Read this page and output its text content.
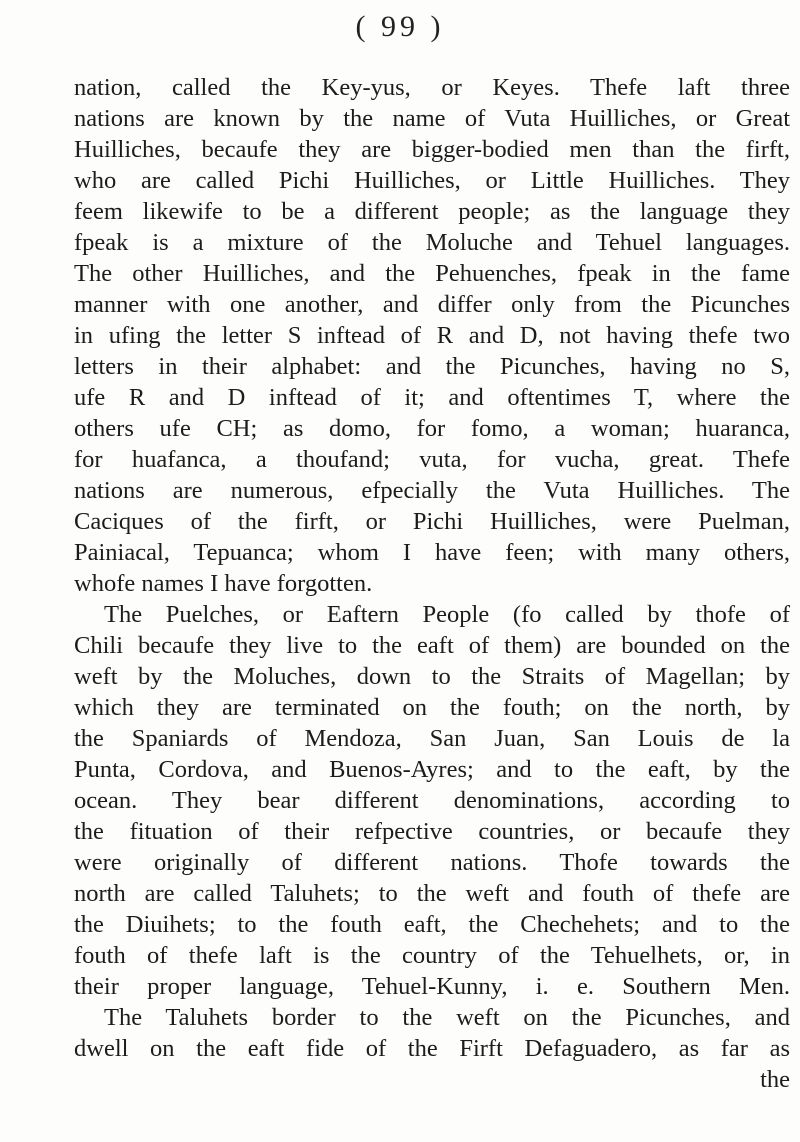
( 99 )
nation, called the Key-yus, or Keyes. Thefe laft three
nations are known by the name of Vuta Huilliches, or Great
Huilliches, becaufe they are bigger-bodied men than the firft,
who are called Pichi Huilliches, or Little Huilliches. They
feem likewife to be a different people; as the language they
fpeak is a mixture of the Moluche and Tehuel languages.
The other Huilliches, and the Pehuenches, fpeak in the fame
manner with one another, and differ only from the Picunches
in ufing the letter S inftead of R and D, not having thefe two
letters in their alphabet: and the Picunches, having no S,
ufe R and D inftead of it; and oftentimes T, where the
others ufe CH; as domo, for fomo, a woman; huaranca,
for huafanca, a thoufand; vuta, for vucha, great. Thefe
nations are numerous, efpecially the Vuta Huilliches. The
Caciques of the firft, or Pichi Huilliches, were Puelman,
Painiacal, Tepuanca; whom I have feen; with many others,
whofe names I have forgotten.
The Puelches, or Eaftern People (fo called by thofe of
Chili becaufe they live to the eaft of them) are bounded on the
weft by the Moluches, down to the Straits of Magellan; by
which they are terminated on the fouth; on the north, by
the Spaniards of Mendoza, San Juan, San Louis de la
Punta, Cordova, and Buenos-Ayres; and to the eaft, by the
ocean. They bear different denominations, according to
the fituation of their refpective countries, or becaufe they
were originally of different nations. Thofe towards the
north are called Taluhets; to the weft and fouth of thefe are
the Diuihets; to the fouth eaft, the Chechehets; and to the
fouth of thefe laft is the country of the Tehuelhets, or, in
their proper language, Tehuel-Kunny, i. e. Southern Men.
The Taluhets border to the weft on the Picunches, and
dwell on the eaft fide of the Firft Defaguadero, as far as
the
